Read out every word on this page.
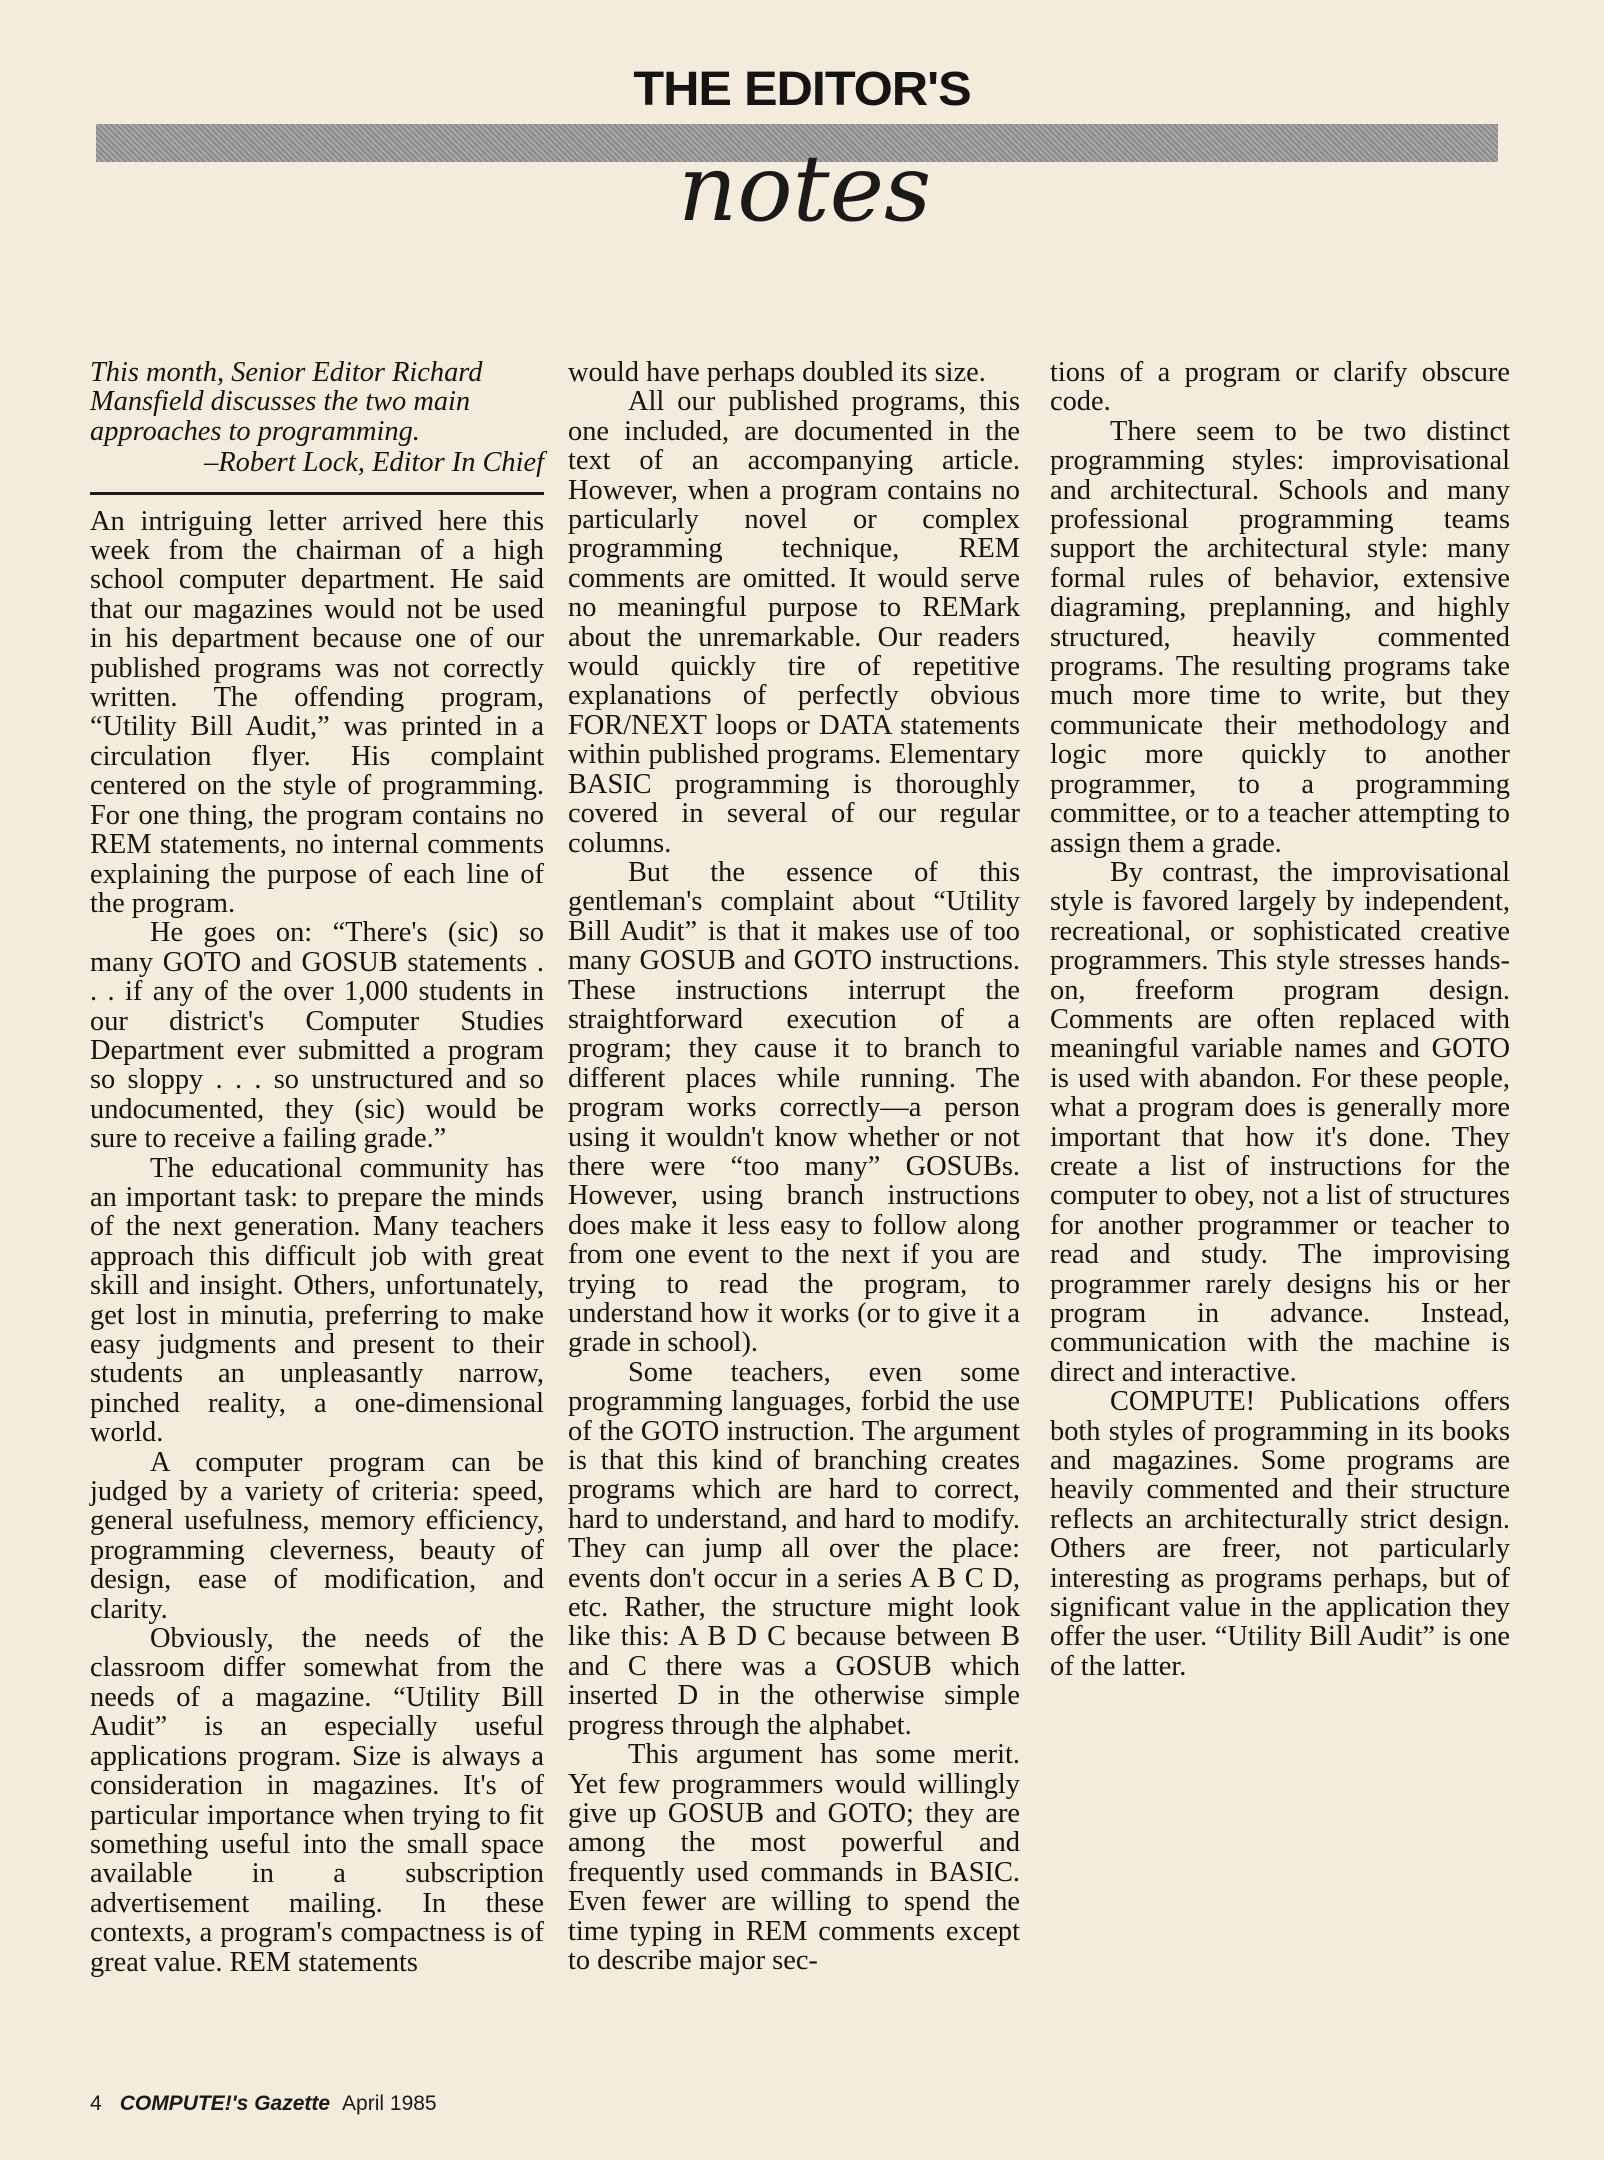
THE EDITOR'S
notes

This month, Senior Editor Richard Mansfield discusses the two main approaches to programming.

–Robert Lock, Editor In Chief

An intriguing letter arrived here this week from the chairman of a high school computer department. He said that our magazines would not be used in his department because one of our published programs was not correctly written. The offending program, “Utility Bill Audit,” was printed in a circulation flyer. His complaint centered on the style of programming. For one thing, the program contains no REM statements, no internal comments explaining the purpose of each line of the program.

He goes on: “There's (sic) so many GOTO and GOSUB statements . . . if any of the over 1,000 students in our district's Computer Studies Department ever submitted a program so sloppy . . . so unstructured and so undocumented, they (sic) would be sure to receive a failing grade.”

The educational community has an important task: to prepare the minds of the next generation. Many teachers approach this difficult job with great skill and insight. Others, unfortunately, get lost in minutia, preferring to make easy judgments and present to their students an unpleasantly narrow, pinched reality, a one-dimensional world.

A computer program can be judged by a variety of criteria: speed, general usefulness, memory efficiency, programming cleverness, beauty of design, ease of modification, and clarity.

Obviously, the needs of the classroom differ somewhat from the needs of a magazine. “Utility Bill Audit” is an especially useful applications program. Size is always a consideration in magazines. It's of particular importance when trying to fit something useful into the small space available in a subscription advertisement mailing. In these contexts, a program's compactness is of great value. REM statements

would have perhaps doubled its size.

All our published programs, this one included, are documented in the text of an accompanying article. However, when a program contains no particularly novel or complex programming technique, REM comments are omitted. It would serve no meaningful purpose to REMark about the unremarkable. Our readers would quickly tire of repetitive explanations of perfectly obvious FOR/NEXT loops or DATA statements within published programs. Elementary BASIC programming is thoroughly covered in several of our regular columns.

But the essence of this gentleman's complaint about “Utility Bill Audit” is that it makes use of too many GOSUB and GOTO instructions. These instructions interrupt the straightforward execution of a program; they cause it to branch to different places while running. The program works correctly—a person using it wouldn't know whether or not there were “too many” GOSUBs. However, using branch instructions does make it less easy to follow along from one event to the next if you are trying to read the program, to understand how it works (or to give it a grade in school).

Some teachers, even some programming languages, forbid the use of the GOTO instruction. The argument is that this kind of branching creates programs which are hard to correct, hard to understand, and hard to modify. They can jump all over the place: events don't occur in a series A B C D, etc. Rather, the structure might look like this: A B D C because between B and C there was a GOSUB which inserted D in the otherwise simple progress through the alphabet.

This argument has some merit. Yet few programmers would willingly give up GOSUB and GOTO; they are among the most powerful and frequently used commands in BASIC. Even fewer are willing to spend the time typing in REM comments except to describe major sec-

tions of a program or clarify obscure code.

There seem to be two distinct programming styles: improvisational and architectural. Schools and many professional programming teams support the architectural style: many formal rules of behavior, extensive diagraming, preplanning, and highly structured, heavily commented programs. The resulting programs take much more time to write, but they communicate their methodology and logic more quickly to another programmer, to a programming committee, or to a teacher attempting to assign them a grade.

By contrast, the improvisational style is favored largely by independent, recreational, or sophisticated creative programmers. This style stresses hands-on, freeform program design. Comments are often replaced with meaningful variable names and GOTO is used with abandon. For these people, what a program does is generally more important that how it's done. They create a list of instructions for the computer to obey, not a list of structures for another programmer or teacher to read and study. The improvising programmer rarely designs his or her program in advance. Instead, communication with the machine is direct and interactive.

COMPUTE! Publications offers both styles of programming in its books and magazines. Some programs are heavily commented and their structure reflects an architecturally strict design. Others are freer, not particularly interesting as programs perhaps, but of significant value in the application they offer the user. “Utility Bill Audit” is one of the latter.

4 COMPUTE!'s Gazette April 1985
